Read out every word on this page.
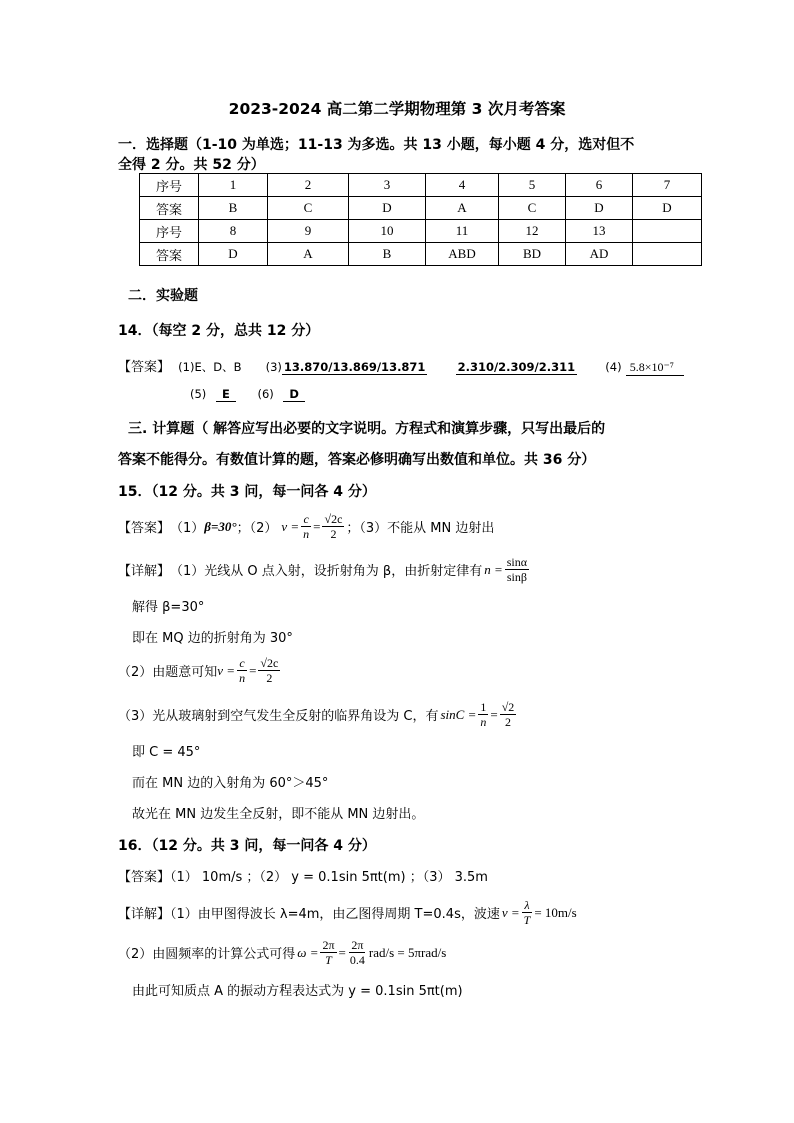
2023-2024 高二第二学期物理第 3 次月考答案
一．选择题（1-10 为单选；11-13 为多选。共 13 小题，每小题 4 分，选对但不
全得 2 分。共 52 分）
序号	1	2	3	4	5	6	7
答案	B	C	D	A	C	D	D
序号	8	9	10	11	12	13	
答案	D	A	B	ABD	BD	AD	
二．实验题
14．（每空 2 分，总共 12 分）
【答案】 (1)E、D、B (3) 13.870/13.869/13.871	2.310/2.309/2.311	(4) 5.8×10⁻⁷
(5) E (6) D
三. 计算题（ 解答应写出必要的文字说明。方程式和演算步骤，只写出最后的
答案不能得分。有数值计算的题，答案必修明确写出数值和单位。共 36 分）
15．（12 分。共 3 问，每一问各 4 分）
【答案】 （1） β=30° ；（2） $v = \frac{c}{n} = \frac{√2c}{2}$ ；（3）不能从 MN 边射出
【详解】 （1）光线从 O 点入射，设折射角为 β，由折射定律有 $n = \frac{\sin\alpha}{\sin\beta}$
解得 β=30°
即在 MQ 边的折射角为 30°
（2）由题意可知 $v = \frac{c}{n} = \frac{√2c}{2}$
（3）光从玻璃射到空气发生全反射的临界角设为 C，有 $\sin C = \frac{1}{n} = \frac{√2}{2}$
即 C = 45°
而在 MN 边的入射角为 60°＞45°
故光在 MN 边发生全反射，即不能从 MN 边射出。
16．（12 分。共 3 问，每一问各 4 分）
【答案】（1） 10m/s ；（2） y = 0.1sin 5πt(m) ；（3） 3.5m
【详解】（1）由甲图得波长 λ=4m，由乙图得周期 T=0.4s，波速 $v = \frac{\lambda}{T} = 10m/s$
（2）由圆频率的计算公式可得 $\omega = \frac{2\pi}{T} = \frac{2\pi}{0.4} rad/s = 5\pi rad/s$
由此可知质点 A 的振动方程表达式为 y = 0.1sin 5πt(m)
